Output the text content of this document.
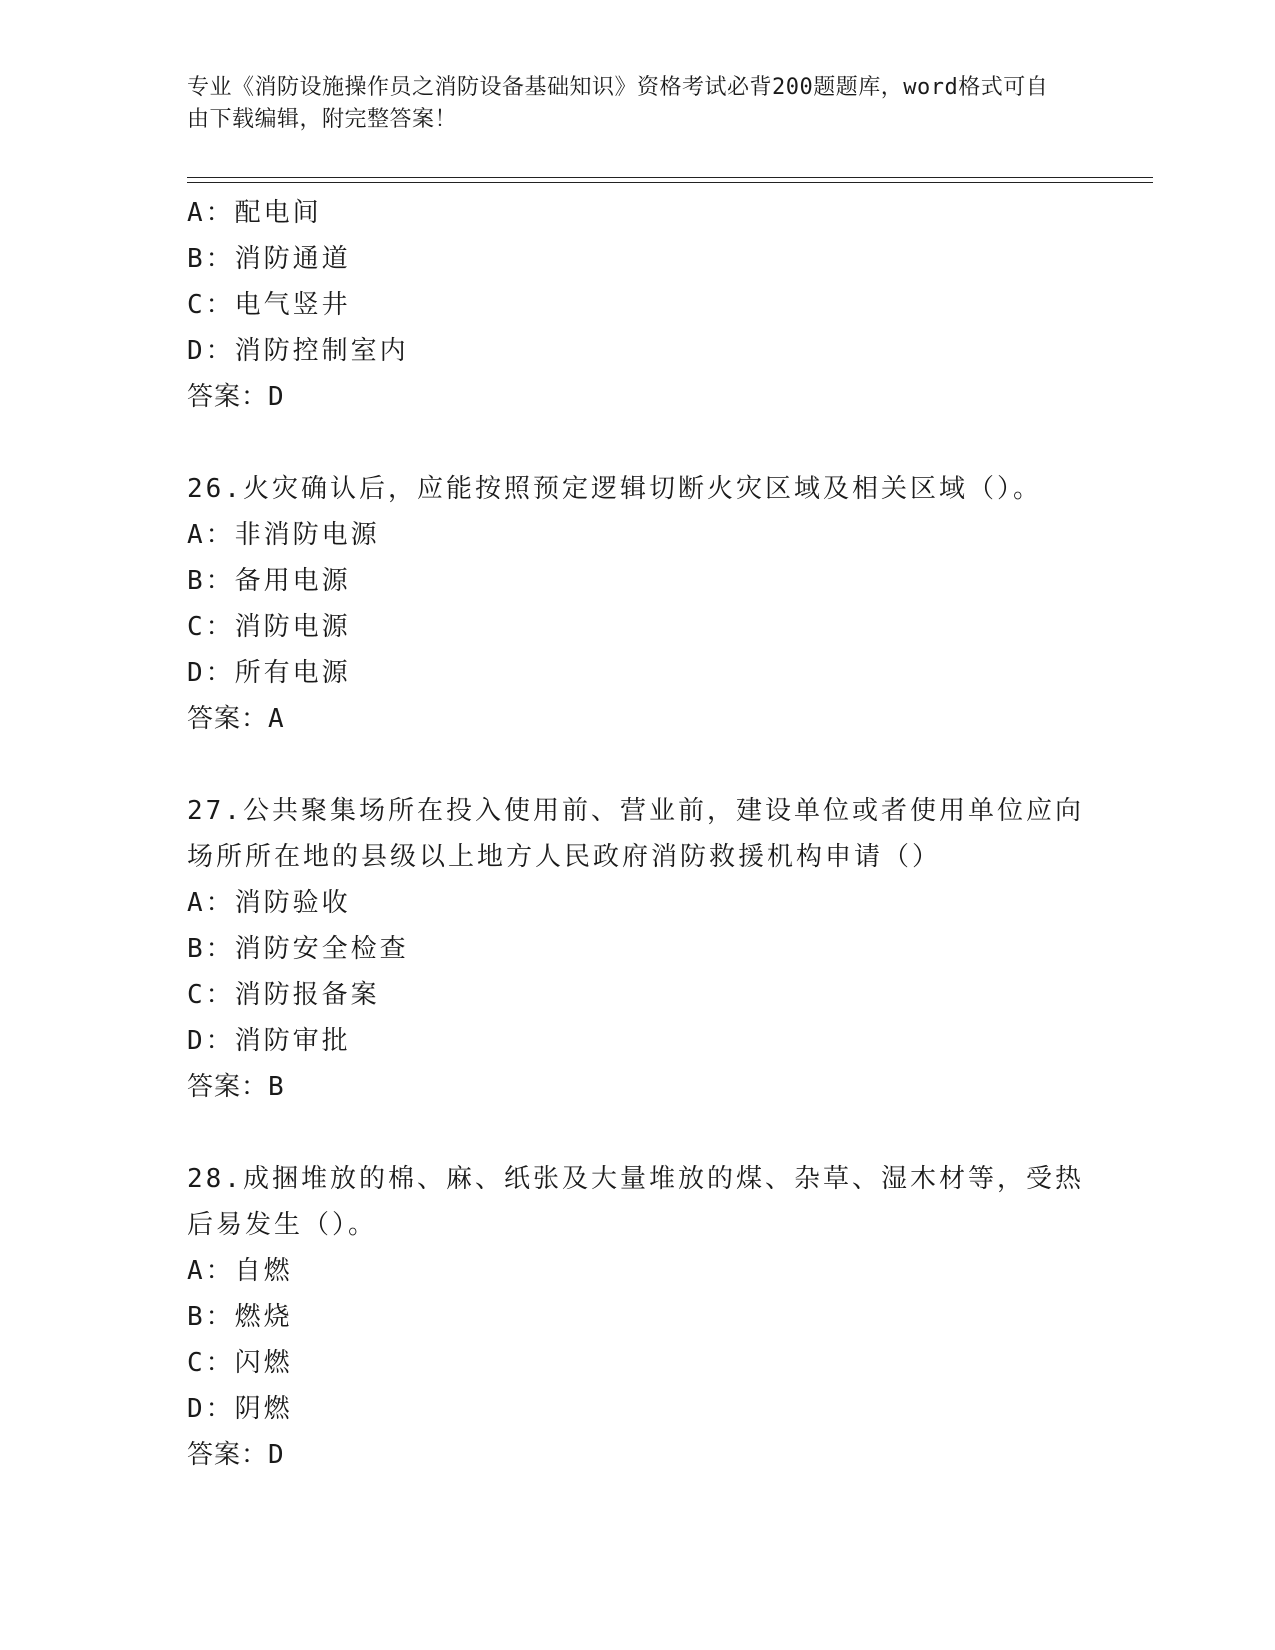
专业《消防设施操作员之消防设备基础知识》资格考试必背200题题库，word格式可自由下载编辑，附完整答案！
A：配电间
B：消防通道
C：电气竖井
D：消防控制室内
答案：D
26.火灾确认后，应能按照预定逻辑切断火灾区域及相关区域（）。
A：非消防电源
B：备用电源
C：消防电源
D：所有电源
答案：A
27.公共聚集场所在投入使用前、营业前，建设单位或者使用单位应向场所所在地的县级以上地方人民政府消防救援机构申请（）
A：消防验收
B：消防安全检查
C：消防报备案
D：消防审批
答案：B
28.成捆堆放的棉、麻、纸张及大量堆放的煤、杂草、湿木材等，受热后易发生（）。
A：自燃
B：燃烧
C：闪燃
D：阴燃
答案：D
